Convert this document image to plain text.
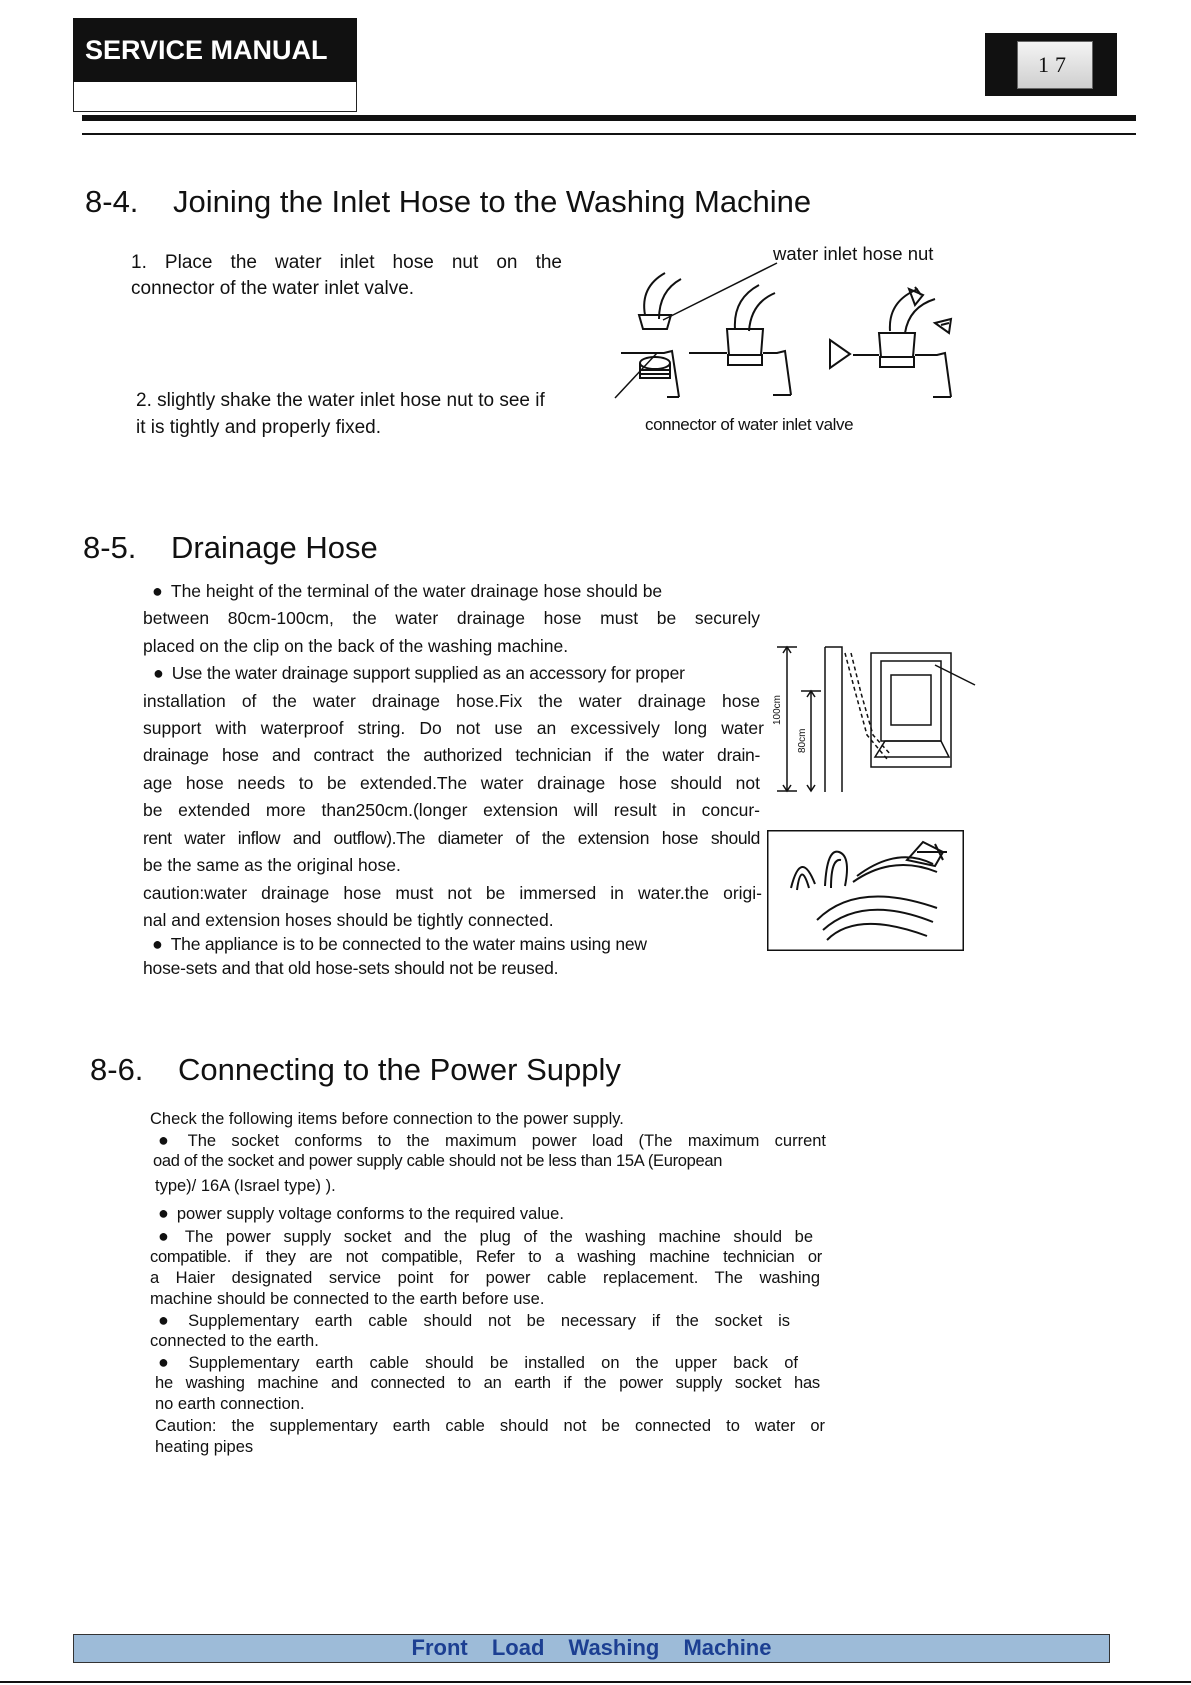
SERVICE MANUAL	17
8-4. Joining the Inlet Hose to the Washing Machine
1. Place the water inlet hose nut on the
connector of the water inlet valve.
2. slightly shake the water inlet hose nut to see if
it is tightly and properly fixed.
water inlet hose nut
connector of water inlet valve
8-5. Drainage Hose
● The height of the terminal of the water drainage hose should be
between 80cm-100cm, the water drainage hose must be securely
placed on the clip on the back of the washing machine.
● Use the water drainage support supplied as an accessory for proper
installation of the water drainage hose.Fix the water drainage hose
support with waterproof string. Do not use an excessively long water
drainage hose and contract the authorized technician if the water drain-
age hose needs to be extended.The water drainage hose should not
be extended more than250cm.(longer extension will result in concur-
rent water inflow and outflow).The diameter of the extension hose should
be the same as the original hose.
caution:water drainage hose must not be immersed in water.the origi-
nal and extension hoses should be tightly connected.
● The appliance is to be connected to the water mains using new
hose-sets and that old hose-sets should not be reused.
100cm
80cm
8-6. Connecting to the Power Supply
Check the following items before connection to the power supply.
● The socket conforms to the maximum power load (The maximum current
oad of the socket and power supply cable should not be less than 15A (European
type)/ 16A (Israel type) ).
● power supply voltage conforms to the required value.
● The power supply socket and the plug of the washing machine should be
compatible. if they are not compatible, Refer to a washing machine technician or
a Haier designated service point for power cable replacement. The washing
machine should be connected to the earth before use.
● Supplementary earth cable should not be necessary if the socket is
connected to the earth.
● Supplementary earth cable should be installed on the upper back of
he washing machine and connected to an earth if the power supply socket has
no earth connection.
Caution: the supplementary earth cable should not be connected to water or
heating pipes
Front Load Washing Machine
